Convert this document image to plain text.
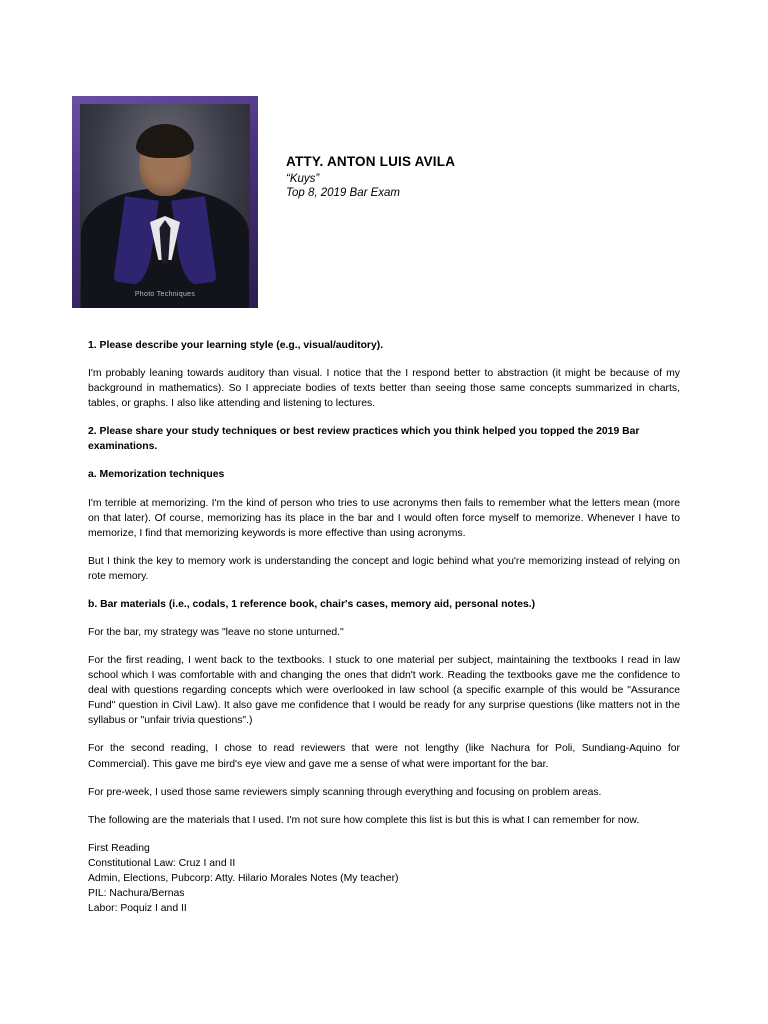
Photo Techniques

ATTY. ANTON LUIS AVILA

“Kuys”

Top 8, 2019 Bar Exam

1. Please describe your learning style (e.g., visual/auditory).

I'm probably leaning towards auditory than visual. I notice that the I respond better to abstraction (it might be because of my background in mathematics). So I appreciate bodies of texts better than seeing those same concepts summarized in charts, tables, or graphs. I also like attending and listening to lectures.

2. Please share your study techniques or best review practices which you think helped you topped the 2019 Bar examinations.

a. Memorization techniques

I'm terrible at memorizing. I'm the kind of person who tries to use acronyms then fails to remember what the letters mean (more on that later). Of course, memorizing has its place in the bar and I would often force myself to memorize. Whenever I have to memorize, I find that memorizing keywords is more effective than using acronyms.

But I think the key to memory work is understanding the concept and logic behind what you're memorizing instead of relying on rote memory.

b. Bar materials (i.e., codals, 1 reference book, chair's cases, memory aid, personal notes.)

For the bar, my strategy was "leave no stone unturned."

For the first reading, I went back to the textbooks. I stuck to one material per subject, maintaining the textbooks I read in law school which I was comfortable with and changing the ones that didn't work. Reading the textbooks gave me the confidence to deal with questions regarding concepts which were overlooked in law school (a specific example of this would be "Assurance Fund" question in Civil Law). It also gave me confidence that I would be ready for any surprise questions (like matters not in the syllabus or "unfair trivia questions".)

For the second reading, I chose to read reviewers that were not lengthy (like Nachura for Poli, Sundiang-Aquino for Commercial). This gave me bird's eye view and gave me a sense of what were important for the bar.

For pre-week, I used those same reviewers simply scanning through everything and focusing on problem areas.

The following are the materials that I used. I'm not sure how complete this list is but this is what I can remember for now.

First Reading
Constitutional Law: Cruz I and II
Admin, Elections, Pubcorp: Atty. Hilario Morales Notes (My teacher)
PIL: Nachura/Bernas
Labor: Poquiz I and II
